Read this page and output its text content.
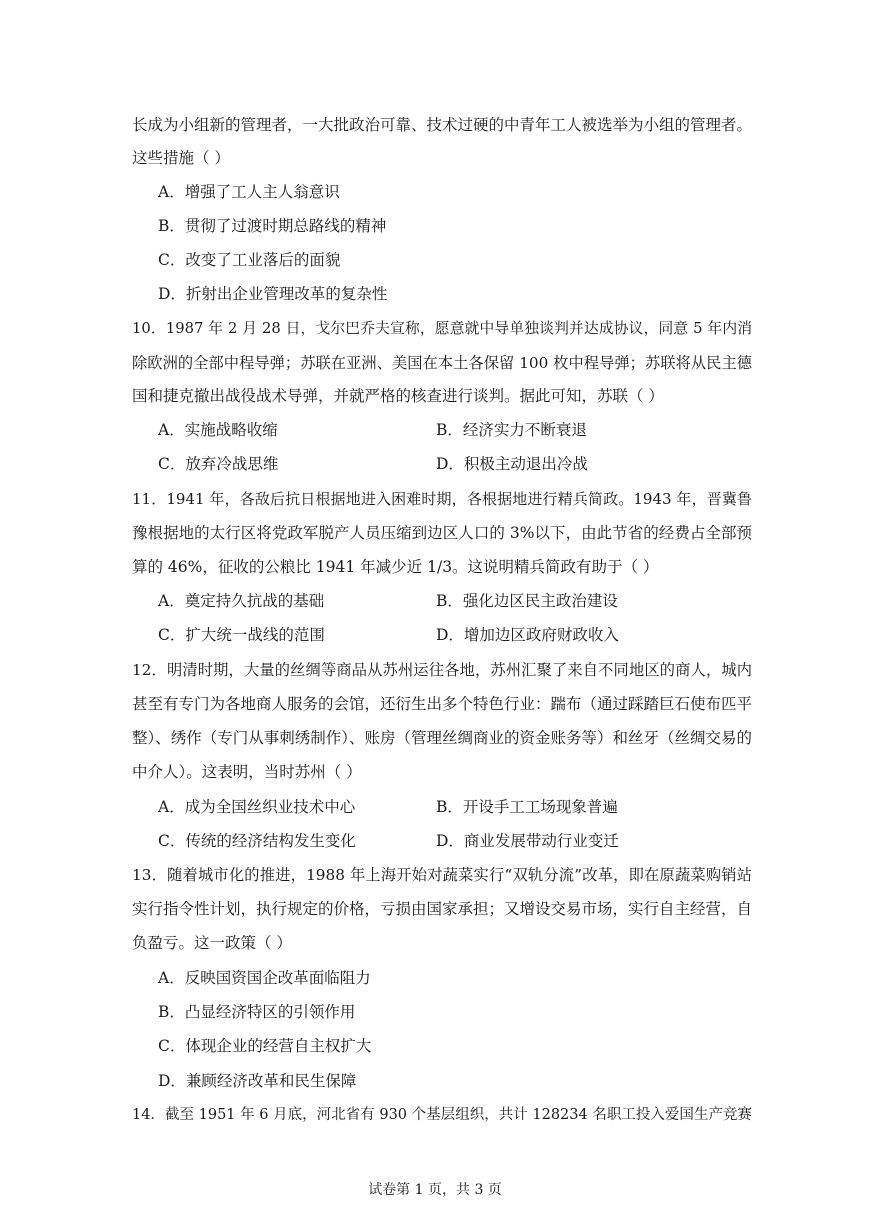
长成为小组新的管理者，一大批政治可靠、技术过硬的中青年工人被选举为小组的管理者。
这些措施（ ）
A．增强了工人主人翁意识
B．贯彻了过渡时期总路线的精神
C．改变了工业落后的面貌
D．折射出企业管理改革的复杂性
10．1987 年 2 月 28 日，戈尔巴乔夫宣称，愿意就中导单独谈判并达成协议，同意 5 年内消
除欧洲的全部中程导弹；苏联在亚洲、美国在本土各保留 100 枚中程导弹；苏联将从民主德
国和捷克撤出战役战术导弹，并就严格的核查进行谈判。据此可知，苏联（ ）
A．实施战略收缩	B．经济实力不断衰退
C．放弃冷战思维	D．积极主动退出冷战
11．1941 年，各敌后抗日根据地进入困难时期，各根据地进行精兵简政。1943 年，晋冀鲁
豫根据地的太行区将党政军脱产人员压缩到边区人口的 3%以下，由此节省的经费占全部预
算的 46%，征收的公粮比 1941 年减少近 1/3。这说明精兵简政有助于（ ）
A．奠定持久抗战的基础	B．强化边区民主政治建设
C．扩大统一战线的范围	D．增加边区政府财政收入
12．明清时期，大量的丝绸等商品从苏州运往各地，苏州汇聚了来自不同地区的商人，城内
甚至有专门为各地商人服务的会馆，还衍生出多个特色行业：踹布（通过踩踏巨石使布匹平
整）、绣作（专门从事刺绣制作）、账房（管理丝绸商业的资金账务等）和丝牙（丝绸交易的
中介人）。这表明，当时苏州（ ）
A．成为全国丝织业技术中心	B．开设手工工场现象普遍
C．传统的经济结构发生变化	D．商业发展带动行业变迁
13．随着城市化的推进，1988 年上海开始对蔬菜实行“双轨分流”改革，即在原蔬菜购销站
实行指令性计划，执行规定的价格，亏损由国家承担；又增设交易市场，实行自主经营，自
负盈亏。这一政策（ ）
A．反映国资国企改革面临阻力
B．凸显经济特区的引领作用
C．体现企业的经营自主权扩大
D．兼顾经济改革和民生保障
14．截至 1951 年 6 月底，河北省有 930 个基层组织，共计 128234 名职工投入爱国生产竞赛
试卷第 1 页，共 3 页
